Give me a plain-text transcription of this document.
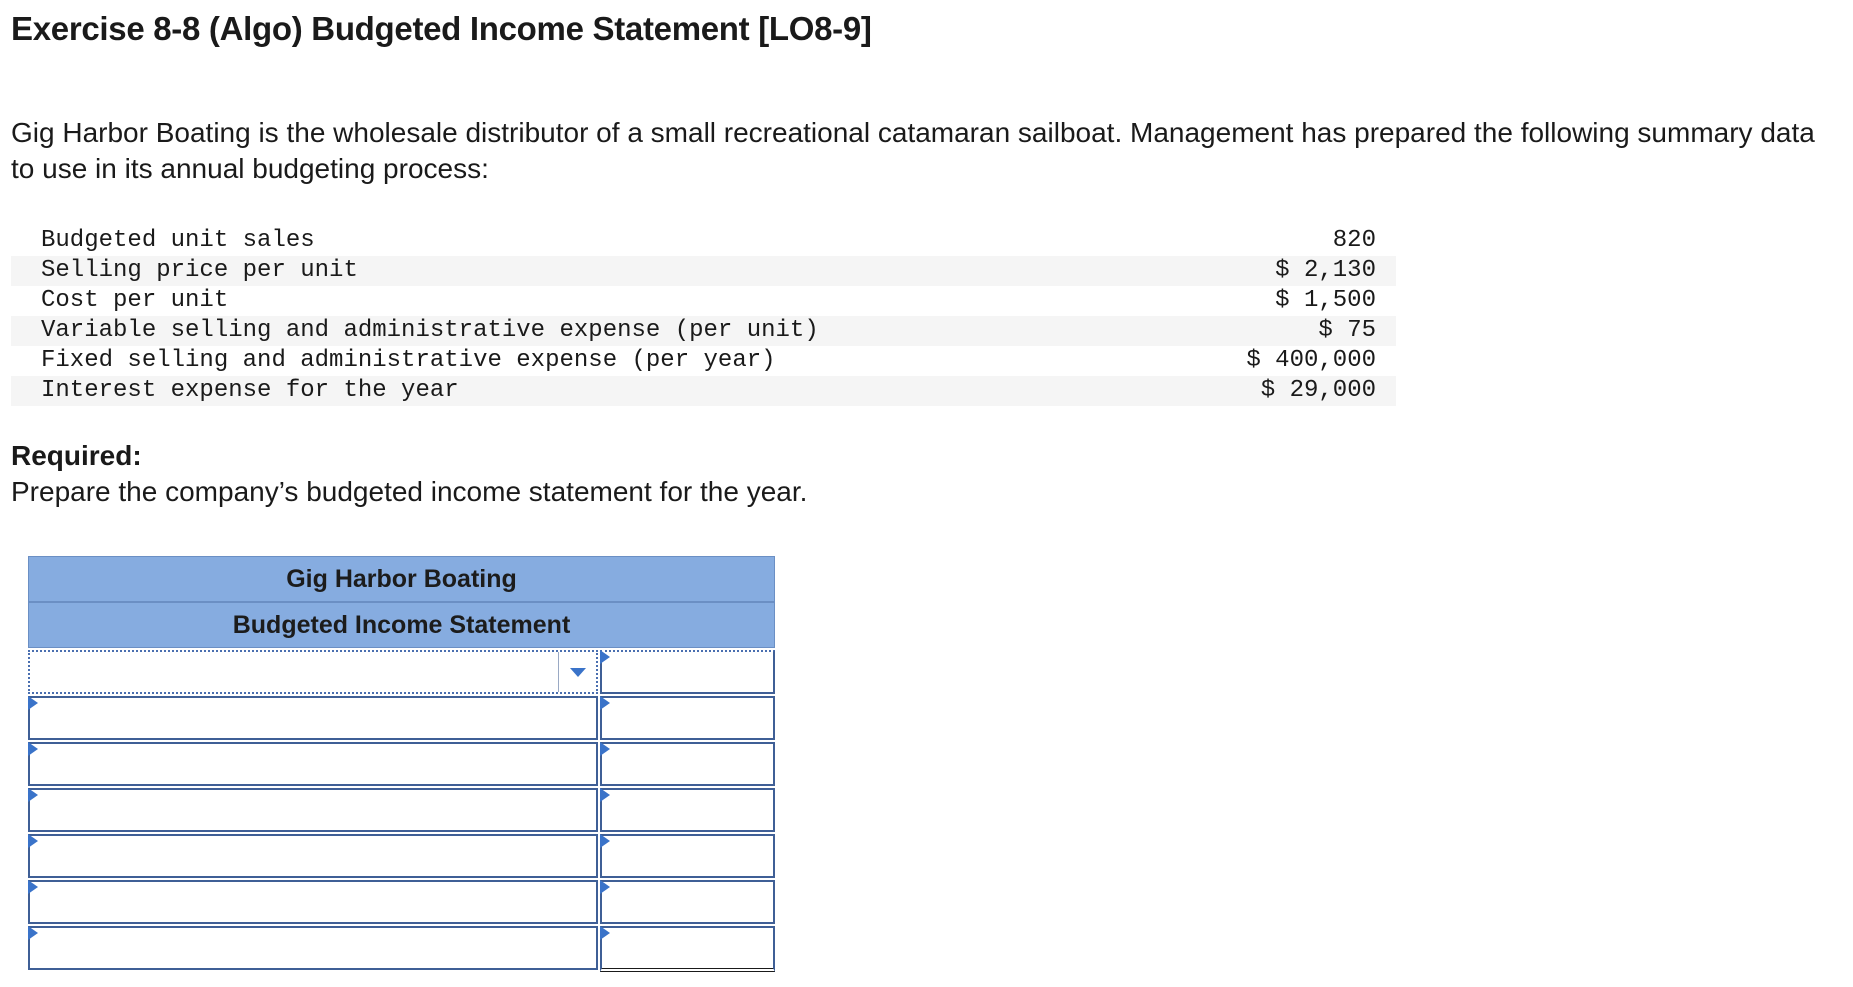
Exercise 8-8 (Algo) Budgeted Income Statement [LO8-9]

Gig Harbor Boating is the wholesale distributor of a small recreational catamaran sailboat. Management has prepared the following summary data to use in its annual budgeting process:

Budgeted unit sales	820
Selling price per unit	$ 2,130
Cost per unit	$ 1,500
Variable selling and administrative expense (per unit)	$ 75
Fixed selling and administrative expense (per year)	$ 400,000
Interest expense for the year	$ 29,000
Required:
Prepare the company’s budgeted income statement for the year.
Gig Harbor Boating
Budgeted Income Statement
